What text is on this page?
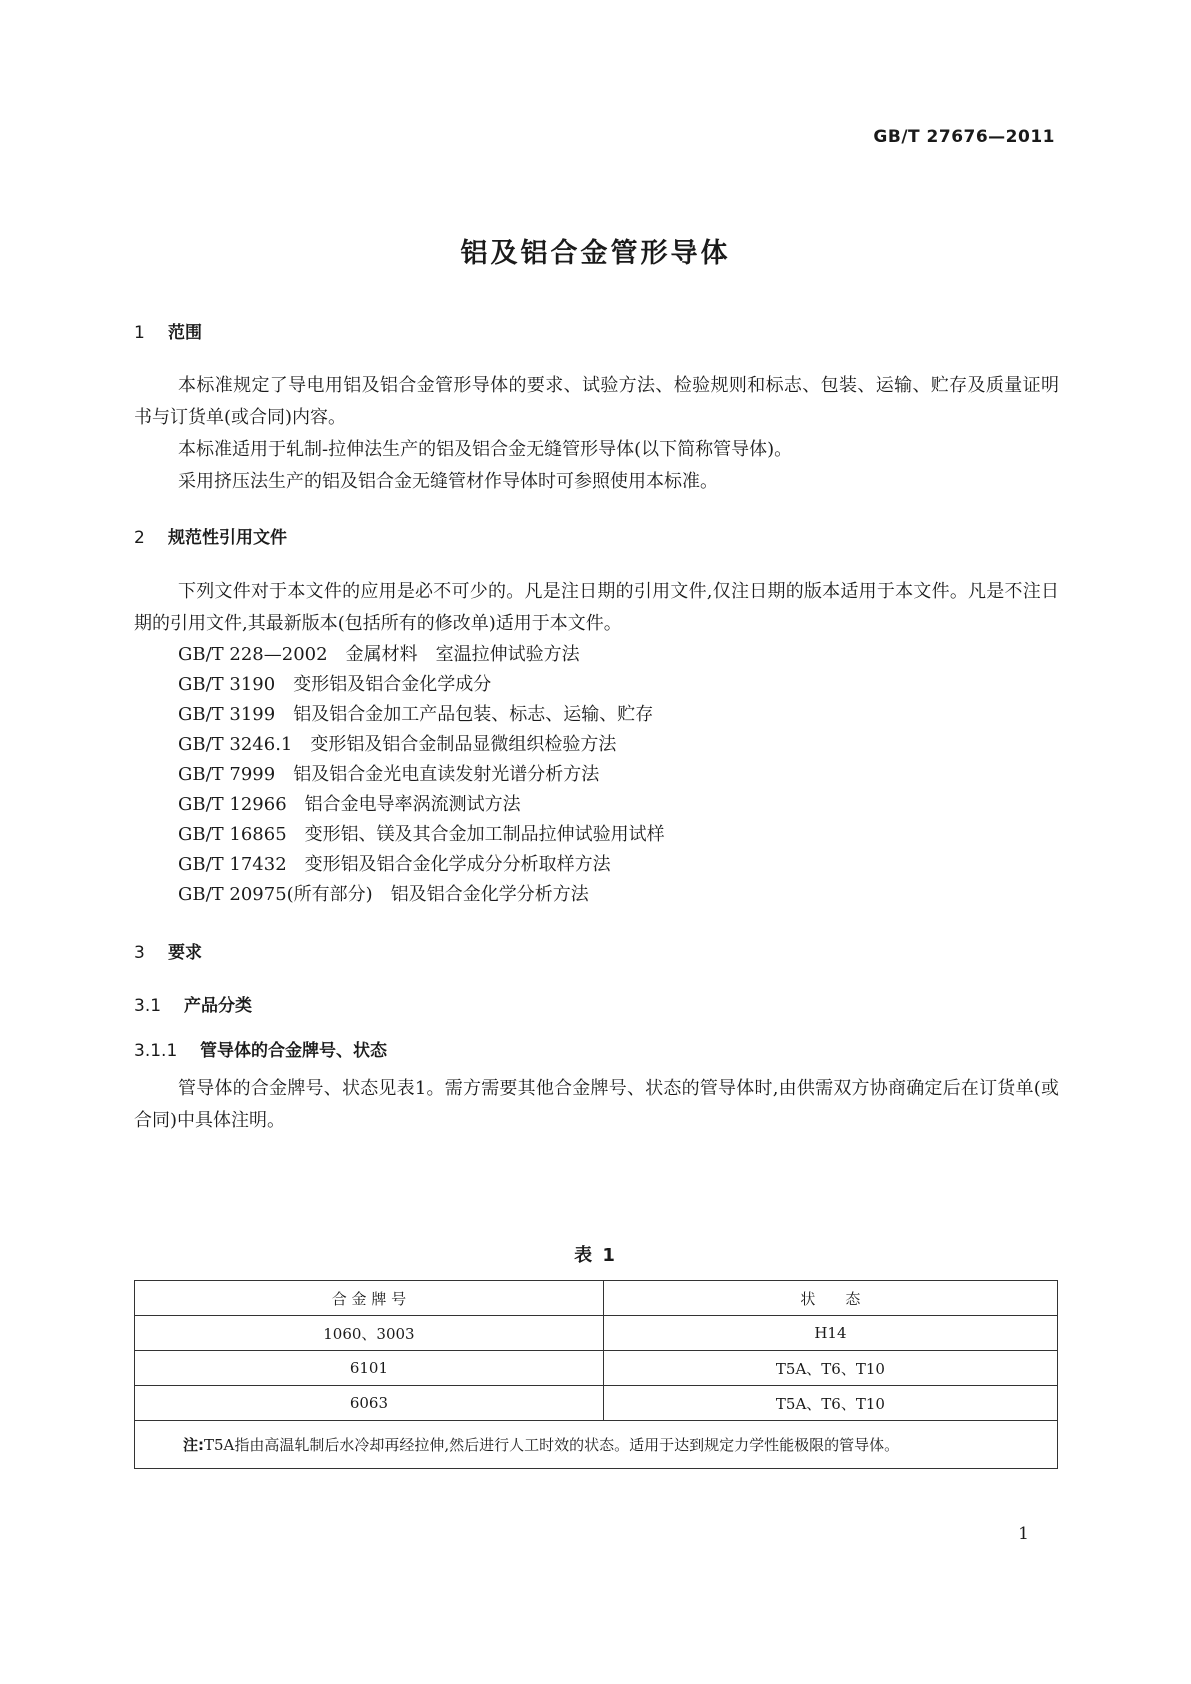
GB/T 27676—2011
铝及铝合金管形导体
1 范围

本标准规定了导电用铝及铝合金管形导体的要求、试验方法、检验规则和标志、包装、运输、贮存及质量证明书与订货单(或合同)内容。

本标准适用于轧制-拉伸法生产的铝及铝合金无缝管形导体(以下简称管导体)。

采用挤压法生产的铝及铝合金无缝管材作导体时可参照使用本标准。

2 规范性引用文件

下列文件对于本文件的应用是必不可少的。凡是注日期的引用文件,仅注日期的版本适用于本文件。凡是不注日期的引用文件,其最新版本(包括所有的修改单)适用于本文件。

GB/T 228—2002 金属材料　室温拉伸试验方法
GB/T 3190 变形铝及铝合金化学成分
GB/T 3199 铝及铝合金加工产品包装、标志、运输、贮存
GB/T 3246.1 变形铝及铝合金制品显微组织检验方法
GB/T 7999 铝及铝合金光电直读发射光谱分析方法
GB/T 12966 铝合金电导率涡流测试方法
GB/T 16865 变形铝、镁及其合金加工制品拉伸试验用试样
GB/T 17432 变形铝及铝合金化学成分分析取样方法
GB/T 20975(所有部分) 铝及铝合金化学分析方法
3 要求
3.1 产品分类
3.1.1 管导体的合金牌号、状态

管导体的合金牌号、状态见表1。需方需要其他合金牌号、状态的管导体时,由供需双方协商确定后在订货单(或合同)中具体注明。

表 1
合 金 牌 号	状　　态
1060、3003	H14
6101	T5A、T6、T10
6063	T5A、T6、T10
注:T5A指由高温轧制后水冷却再经拉伸,然后进行人工时效的状态。适用于达到规定力学性能极限的管导体。	
1
